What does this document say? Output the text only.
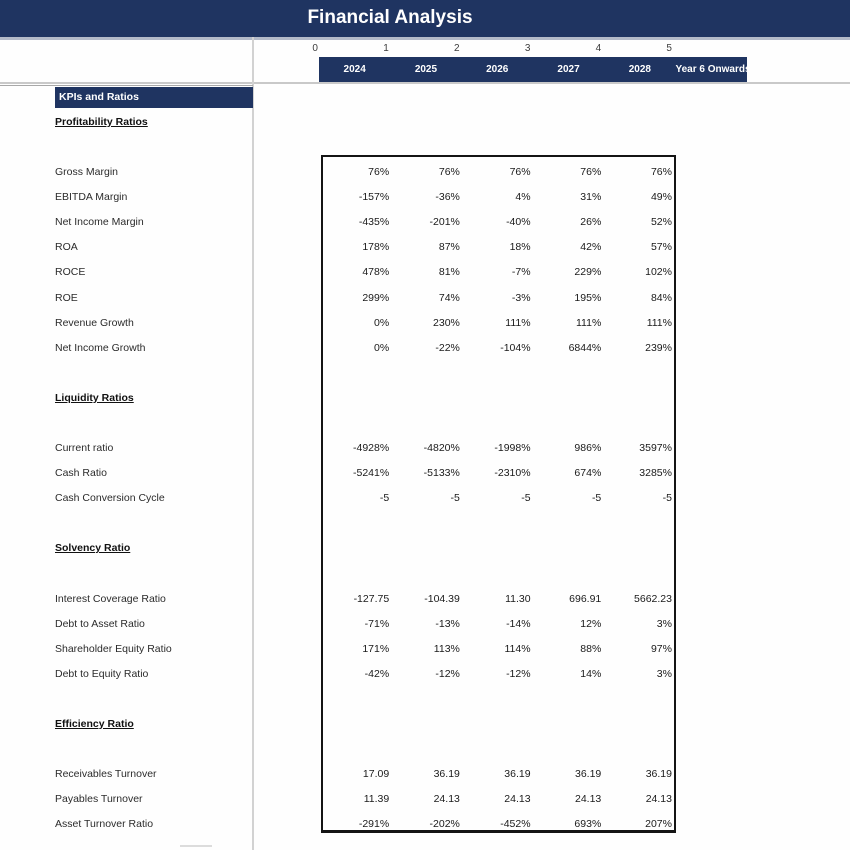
Financial Analysis
0	1	2	3	4	5
2024	2025	2026	2027	2028	Year 6 Onwards
KPIs and Ratios
Profitability Ratios
Gross Margin	76%	76%	76%	76%	76%
EBITDA Margin	-157%	-36%	4%	31%	49%
Net Income Margin	-435%	-201%	-40%	26%	52%
ROA	178%	87%	18%	42%	57%
ROCE	478%	81%	-7%	229%	102%
ROE	299%	74%	-3%	195%	84%
Revenue Growth	0%	230%	111%	111%	111%
Net Income Growth	0%	-22%	-104%	6844%	239%
Liquidity Ratios
Current ratio	-4928%	-4820%	-1998%	986%	3597%
Cash Ratio	-5241%	-5133%	-2310%	674%	3285%
Cash Conversion Cycle	-5	-5	-5	-5	-5
Solvency Ratio
Interest Coverage Ratio	-127.75	-104.39	11.30	696.91	5662.23
Debt to Asset Ratio	-71%	-13%	-14%	12%	3%
Shareholder Equity Ratio	171%	113%	114%	88%	97%
Debt to Equity Ratio	-42%	-12%	-12%	14%	3%
Efficiency Ratio
Receivables Turnover	17.09	36.19	36.19	36.19	36.19
Payables Turnover	11.39	24.13	24.13	24.13	24.13
Asset Turnover Ratio	-291%	-202%	-452%	693%	207%
